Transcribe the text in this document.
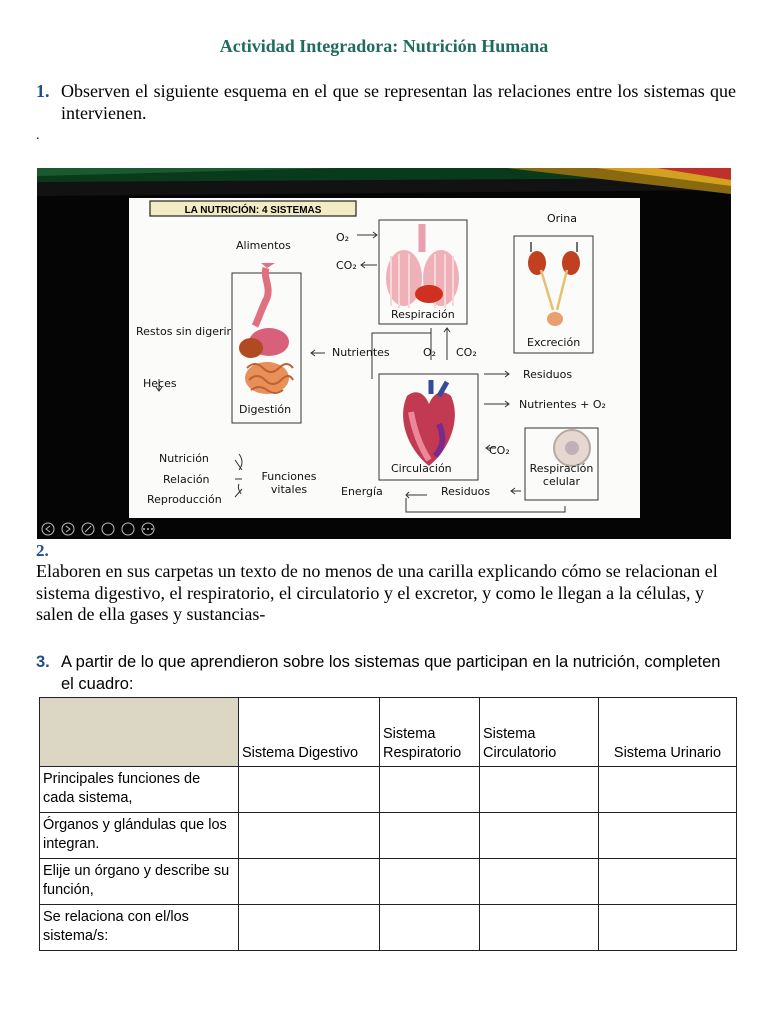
Actividad Integradora: Nutrición Humana
1. Observen el siguiente esquema en el que se representan las relaciones entre los sistemas que intervienen.
.
LA NUTRICIÓN: 4 SISTEMAS
Alimentos
O₂
CO₂
Orina
Respiración
Excreción
Restos sin digerir
Heces
Nutrientes	O₂ CO₂
Residuos
Nutrientes + O₂
Digestión
Circulación
CO₂
Nutrición
Relación
Reproducción
Energía	Residuos
Funciones vitales
Respiración celular
2.
Elaboren en sus carpetas un texto de no menos de una carilla explicando cómo se relacionan el sistema digestivo, el respiratorio, el circulatorio y el excretor, y como le llegan a la células, y salen de ella gases y sustancias-
3. A partir de lo que aprendieron sobre los sistemas que participan en la nutrición, completen el cuadro:
	Sistema Digestivo	Sistema Respiratorio	Sistema Circulatorio	Sistema Urinario
Principales funciones de cada sistema,				
Órganos y glándulas que los integran.				
Elije un órgano y describe su función,				
Se relaciona con el/los sistema/s:				
